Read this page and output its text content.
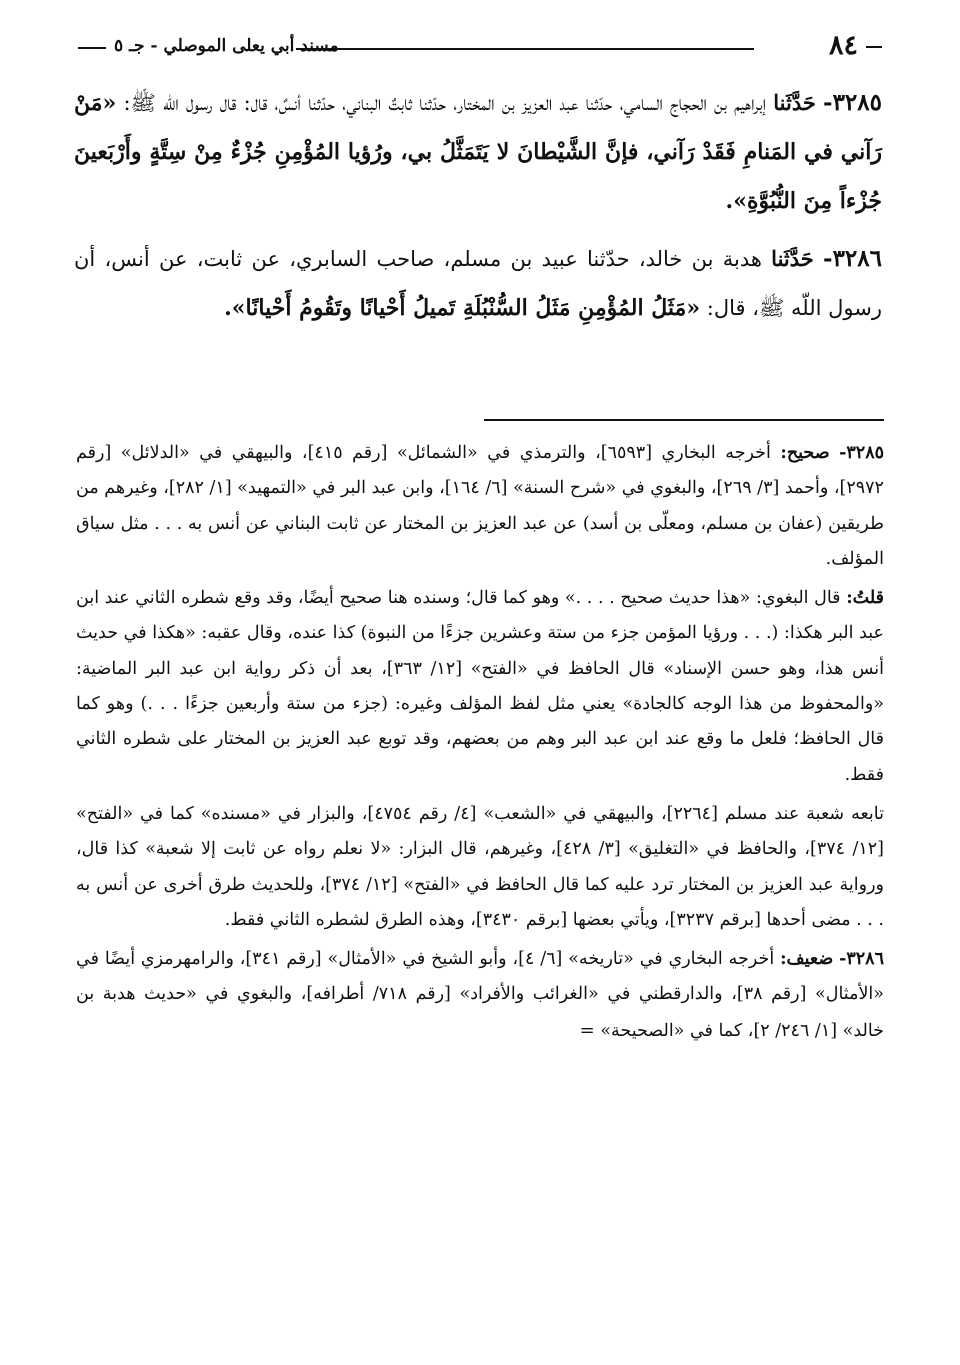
٨٤
مسند أبي يعلى الموصلي - جـ ٥

٣٢٨٥- حَدَّثَنا إبراهيم بن الحجاج السامي، حدّثنا عبد العزيز بن المختار، حدّثنا ثابتٌ البناني، حدّثنا أنسٌ، قال: قال رسول اللّه ﷺ: «مَنْ رَآني في المَنامِ فَقَدْ رَآني، فإنَّ الشَّيْطانَ لا يَتَمَثَّلُ بي، ورُؤيا المُؤْمِنِ جُزْءٌ مِنْ سِتَّةٍ وأَرْبَعينَ جُزْءاً مِنَ النُّبُوَّةِ».

٣٢٨٦- حَدَّثَنا هدبة بن خالد، حدّثنا عبيد بن مسلم، صاحب السابري، عن ثابت، عن أنس، أن رسول اللّه ﷺ، قال: «مَثَلُ المُؤْمِنِ مَثَلُ السُّنْبُلَةِ تَميلُ أَحْيانًا وتَقُومُ أَحْيانًا».

٣٢٨٥- صحيح: أخرجه البخاري [٦٥٩٣]، والترمذي في «الشمائل» [رقم ٤١٥]، والبيهقي في «الدلائل» [رقم ٢٩٧٢]، وأحمد [٣/ ٢٦٩]، والبغوي في «شرح السنة» [٦/ ١٦٤]، وابن عبد البر في «التمهيد» [١/ ٢٨٢]، وغيرهم من طريقين (عفان بن مسلم، ومعلّى بن أسد) عن عبد العزيز بن المختار عن ثابت البناني عن أنس به . . . مثل سياق المؤلف.

قلتُ: قال البغوي: «هذا حديث صحيح . . . .» وهو كما قال؛ وسنده هنا صحيح أيضًا، وقد وقع شطره الثاني عند ابن عبد البر هكذا: (. . . ورؤيا المؤمن جزء من ستة وعشرين جزءًا من النبوة) كذا عنده، وقال عقبه: «هكذا في حديث أنس هذا، وهو حسن الإسناد» قال الحافظ في «الفتح» [١٢/ ٣٦٣]، بعد أن ذكر رواية ابن عبد البر الماضية: «والمحفوظ من هذا الوجه كالجادة» يعني مثل لفظ المؤلف وغيره: (جزء من ستة وأربعين جزءًا . . .) وهو كما قال الحافظ؛ فلعل ما وقع عند ابن عبد البر وهم من بعضهم، وقد توبع عبد العزيز بن المختار على شطره الثاني فقط.

تابعه شعبة عند مسلم [٢٢٦٤]، والبيهقي في «الشعب» [٤/ رقم ٤٧٥٤]، والبزار في «مسنده» كما في «الفتح» [١٢/ ٣٧٤]، والحافظ في «التغليق» [٣/ ٤٢٨]، وغيرهم، قال البزار: «لا نعلم رواه عن ثابت إلا شعبة» كذا قال، ورواية عبد العزيز بن المختار ترد عليه كما قال الحافظ في «الفتح» [١٢/ ٣٧٤]، وللحديث طرق أخرى عن أنس به . . . مضى أحدها [برقم ٣٢٣٧]، ويأتي بعضها [برقم ٣٤٣٠]، وهذه الطرق لشطره الثاني فقط.

٣٢٨٦- ضعيف: أخرجه البخاري في «تاريخه» [٦/ ٤]، وأبو الشيخ في «الأمثال» [رقم ٣٤١]، والرامهرمزي أيضًا في «الأمثال» [رقم ٣٨]، والدارقطني في «الغرائب والأفراد» [رقم ٧١٨/ أطرافه]، والبغوي في «حديث هدبة بن خالد» [١/ ٢٤٦/ ٢]، كما في «الصحيحة» =
